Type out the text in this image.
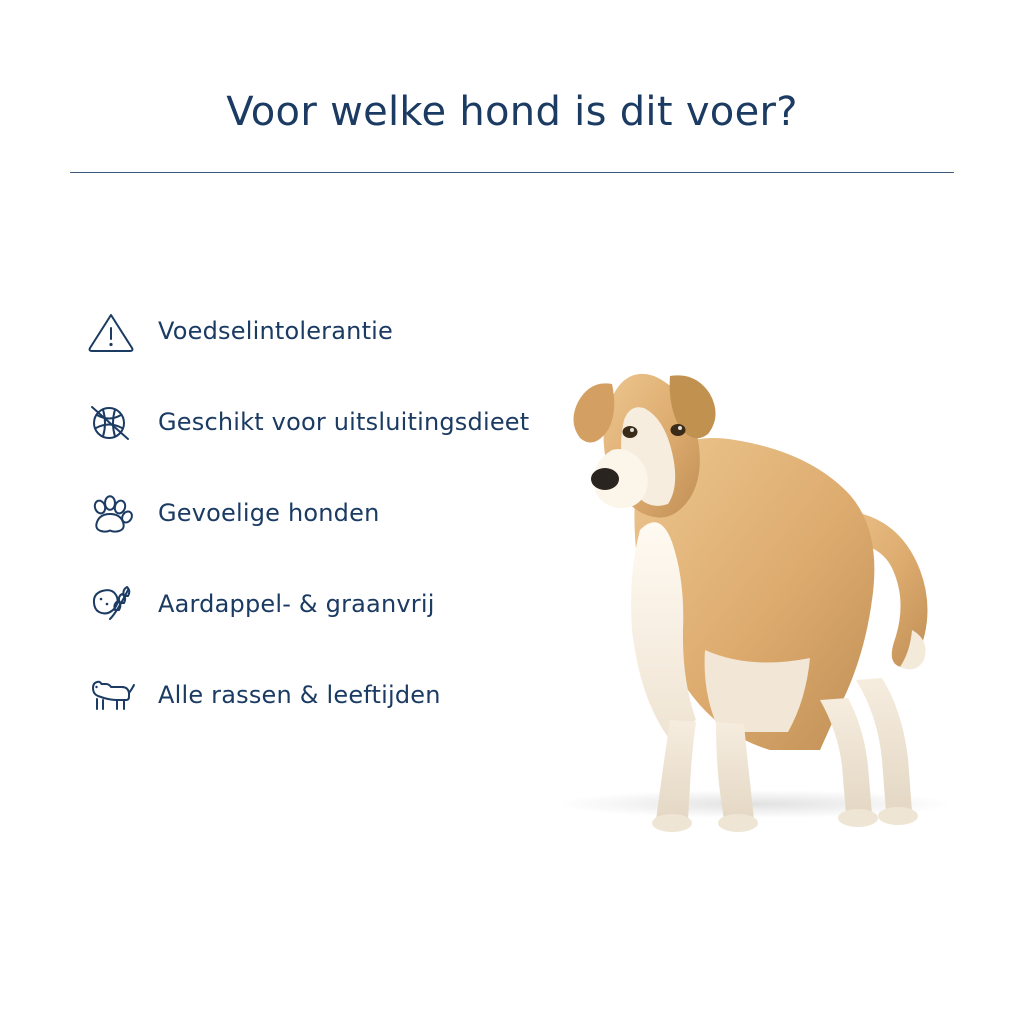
Voor welke hond is dit voer?
Voedselintolerantie
Geschikt voor uitsluitingsdieet
Gevoelige honden
Aardappel- & graanvrij
Alle rassen & leeftijden
